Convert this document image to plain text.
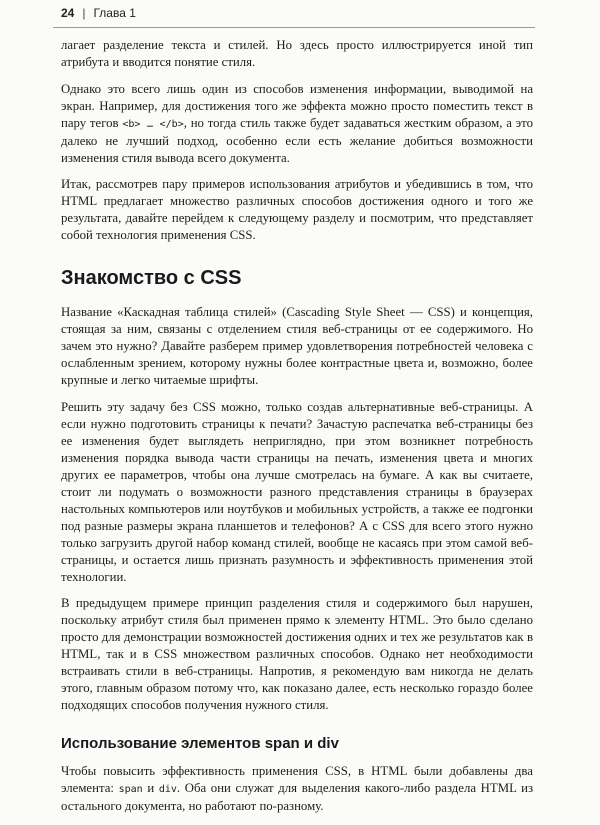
24 | Глава 1

лагает разделение текста и стилей. Но здесь просто иллюстрируется иной тип атрибута и вводится понятие стиля.

Однако это всего лишь один из способов изменения информации, выводимой на экран. Например, для достижения того же эффекта можно просто поместить текст в пару тегов <b> … </b>, но тогда стиль также будет задаваться жестким образом, а это далеко не лучший подход, особенно если есть желание добиться возможности изменения стиля вывода всего документа.

Итак, рассмотрев пару примеров использования атрибутов и убедившись в том, что HTML предлагает множество различных способов достижения одного и того же результата, давайте перейдем к следующему разделу и посмотрим, что представляет собой технология применения CSS.

Знакомство с CSS

Название «Каскадная таблица стилей» (Cascading Style Sheet — CSS) и концепция, стоящая за ним, связаны с отделением стиля веб-страницы от ее содержимого. Но зачем это нужно? Давайте разберем пример удовлетворения потребностей человека с ослабленным зрением, которому нужны более контрастные цвета и, возможно, более крупные и легко читаемые шрифты.

Решить эту задачу без CSS можно, только создав альтернативные веб-страницы. А если нужно подготовить страницы к печати? Зачастую распечатка веб-страницы без ее изменения будет выглядеть неприглядно, при этом возникнет потребность изменения порядка вывода части страницы на печать, изменения цвета и многих других ее параметров, чтобы она лучше смотрелась на бумаге. А как вы считаете, стоит ли подумать о возможности разного представления страницы в браузерах настольных компьютеров или ноутбуков и мобильных устройств, а также ее подгонки под разные размеры экрана планшетов и телефонов? А с CSS для всего этого нужно только загрузить другой набор команд стилей, вообще не касаясь при этом самой веб-страницы, и остается лишь признать разумность и эффективность применения этой технологии.

В предыдущем примере принцип разделения стиля и содержимого был нарушен, поскольку атрибут стиля был применен прямо к элементу HTML. Это было сделано просто для демонстрации возможностей достижения одних и тех же результатов как в HTML, так и в CSS множеством различных способов. Однако нет необходимости встраивать стили в веб-страницы. Напротив, я рекомендую вам никогда не делать этого, главным образом потому что, как показано далее, есть несколько гораздо более подходящих способов получения нужного стиля.

Использование элементов span и div

Чтобы повысить эффективность применения CSS, в HTML были добавлены два элемента: span и div. Оба они служат для выделения какого-либо раздела HTML из остального документа, но работают по-разному.
